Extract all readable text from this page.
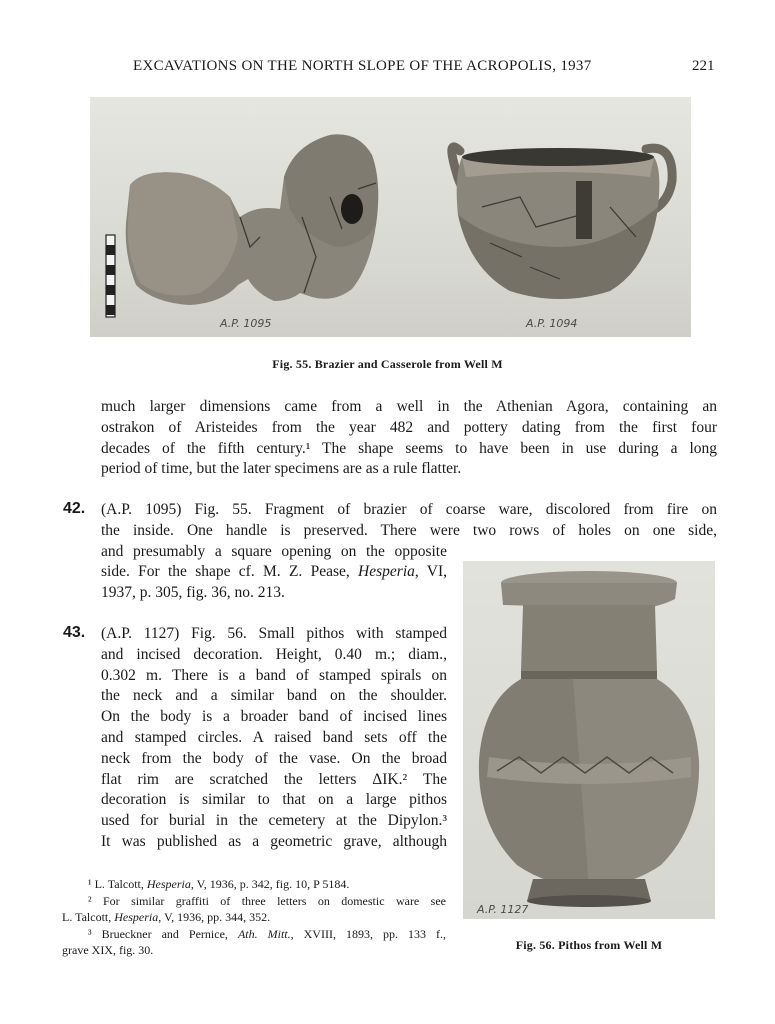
EXCAVATIONS ON THE NORTH SLOPE OF THE ACROPOLIS, 1937	221
A.P. 1095	A.P. 1094
Fig. 55. Brazier and Casserole from Well M
much larger dimensions came from a well in the Athenian Agora, containing an
ostrakon of Aristeides from the year 482 and pottery dating from the first four
decades of the fifth century.¹ The shape seems to have been in use during a long
period of time, but the later specimens are as a rule flatter.
42. (A.P. 1095) Fig. 55. Fragment of brazier of coarse ware, discolored from fire on
the inside. One handle is preserved. There were two rows of holes on one side,
and presumably a square opening on the opposite
side. For the shape cf. M. Z. Pease, Hesperia, VI,
1937, p. 305, fig. 36, no. 213.
43. (A.P. 1127) Fig. 56. Small pithos with stamped
and incised decoration. Height, 0.40 m.; diam.,
0.302 m. There is a band of stamped spirals on
the neck and a similar band on the shoulder.
On the body is a broader band of incised lines
and stamped circles. A raised band sets off the
neck from the body of the vase. On the broad
flat rim are scratched the letters ΔΙΚ.² The
decoration is similar to that on a large pithos
used for burial in the cemetery at the Dipylon.³
It was published as a geometric grave, although
A.P. 1127
Fig. 56. Pithos from Well M
¹ L. Talcott, Hesperia, V, 1936, p. 342, fig. 10, P 5184.
² For similar graffiti of three letters on domestic ware see
L. Talcott, Hesperia, V, 1936, pp. 344, 352.
³ Brueckner and Pernice, Ath. Mitt., XVIII, 1893, pp. 133 f.,
grave XIX, fig. 30.
